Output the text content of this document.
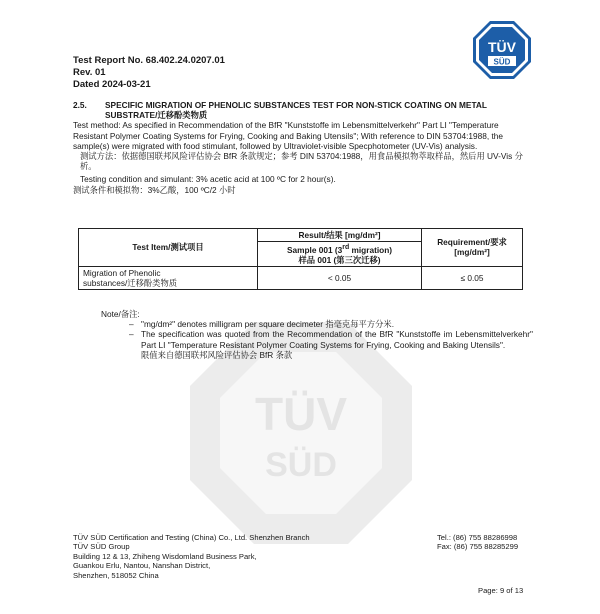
TÜV
SÜD
Test Report No. 68.402.24.0207.01
Rev. 01
Dated 2024-03-21
TÜV
SÜD
2.5.	SPECIFIC MIGRATION OF PHENOLIC SUBSTANCES TEST FOR NON-STICK COATING ON METAL SUBSTRATE/迁移酚类物质

Test method: As specified in Recommendation of the BfR "Kunststoffe im Lebensmittelverkehr" Part LI "Temperature Resistant Polymer Coating Systems for Frying, Cooking and Baking Utensils"; With reference to DIN 53704:1988, the sample(s) were migrated with food stimulant, followed by Ultraviolet-visible Specphotometer (UV-Vis) analysis.

测试方法：依据德国联邦风险评估协会 BfR 条款规定；参考 DIN 53704:1988，用食品模拟物萃取样品，然后用 UV-Vis 分析。

Testing condition and simulant: 3% acetic acid at 100 ºC for 2 hour(s).

测试条件和模拟物：3%乙酸，100 ºC/2 小时

Test Item/测试项目	Result/结果 [mg/dm²]	Requirement/要求
[mg/dm²]
	Sample 001 (3rd migration)
样品 001 (第三次迁移)	
Migration of Phenolic
substances/迁移酚类物质	< 0.05	≤ 0.05
Note/备注:
– "mg/dm²" denotes milligram per square decimeter 指毫克每平方分米.
– The specification was quoted from the Recommendation of the BfR "Kunststoffe im Lebensmittelverkehr" Part LI "Temperature Resistant Polymer Coating Systems for Frying, Cooking and Baking Utensils".
限值来自德国联邦风险评估协会 BfR 条款
TÜV SÜD Certification and Testing (China) Co., Ltd. Shenzhen Branch
TÜV SÜD Group
Building 12 & 13, Zhiheng Wisdomland Business Park,
Guankou Erlu, Nantou, Nanshan District,
Shenzhen, 518052 China
Tel.: (86) 755 88286998
Fax: (86) 755 88285299
Page: 9 of 13
